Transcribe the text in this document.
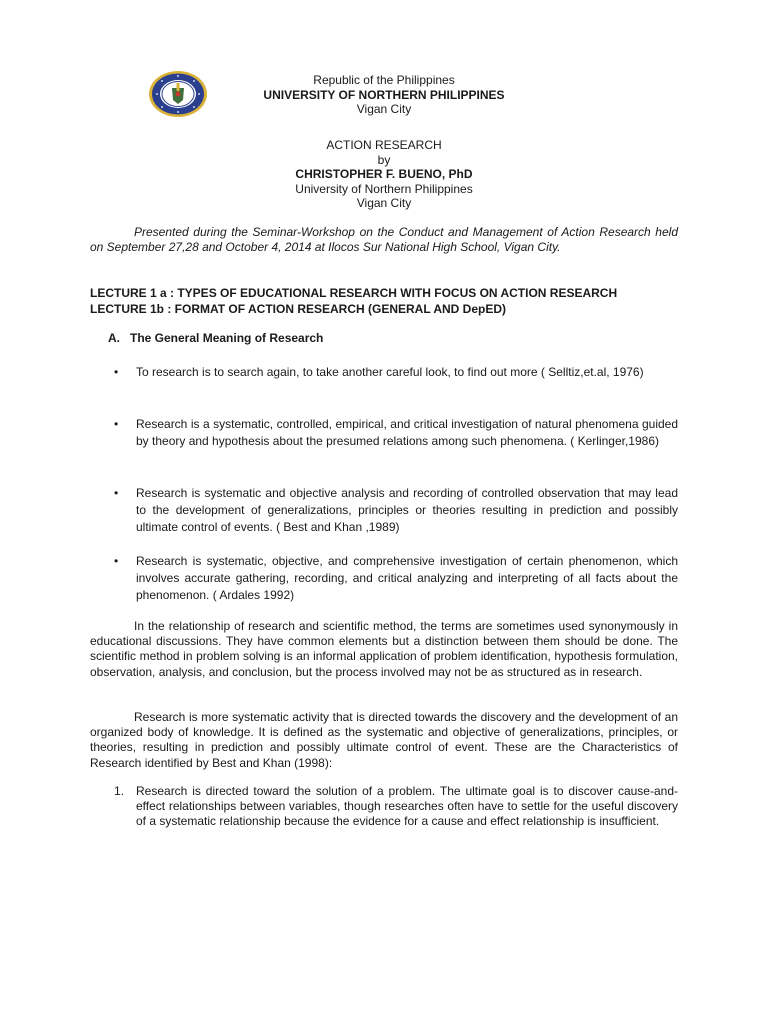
Republic of the Philippines
UNIVERSITY OF NORTHERN PHILIPPINES
Vigan City
ACTION RESEARCH
by
CHRISTOPHER F. BUENO, PhD
University of Northern Philippines
Vigan City

Presented during the Seminar-Workshop on the Conduct and Management of Action Research held on September 27,28 and October 4, 2014 at Ilocos Sur National High School, Vigan City.

LECTURE 1 a : TYPES OF EDUCATIONAL RESEARCH WITH FOCUS ON ACTION RESEARCH
LECTURE 1b : FORMAT OF ACTION RESEARCH (GENERAL AND DepED)
A. The General Meaning of Research
• To research is to search again, to take another careful look, to find out more ( Selltiz,et.al, 1976)
• Research is a systematic, controlled, empirical, and critical investigation of natural phenomena guided by theory and hypothesis about the presumed relations among such phenomena. ( Kerlinger,1986)
• Research is systematic and objective analysis and recording of controlled observation that may lead to the development of generalizations, principles or theories resulting in prediction and possibly ultimate control of events. ( Best and Khan ,1989)
• Research is systematic, objective, and comprehensive investigation of certain phenomenon, which involves accurate gathering, recording, and critical analyzing and interpreting of all facts about the phenomenon. ( Ardales 1992)

In the relationship of research and scientific method, the terms are sometimes used synonymously in educational discussions. They have common elements but a distinction between them should be done. The scientific method in problem solving is an informal application of problem identification, hypothesis formulation, observation, analysis, and conclusion, but the process involved may not be as structured as in research.

Research is more systematic activity that is directed towards the discovery and the development of an organized body of knowledge. It is defined as the systematic and objective of generalizations, principles, or theories, resulting in prediction and possibly ultimate control of event. These are the Characteristics of Research identified by Best and Khan (1998):

1. Research is directed toward the solution of a problem. The ultimate goal is to discover cause-and-effect relationships between variables, though researches often have to settle for the useful discovery of a systematic relationship because the evidence for a cause and effect relationship is insufficient.
